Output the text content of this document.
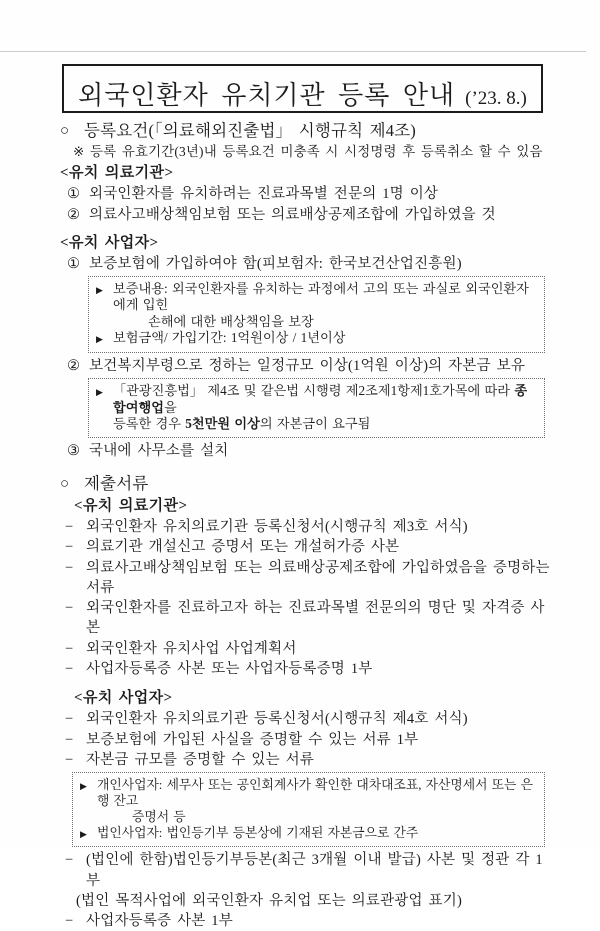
외국인환자 유치기관 등록 안내 (’23. 8.)
○ 등록요건(「의료해외진출법」 시행규칙 제4조)
※ 등록 유효기간(3년)내 등록요건 미충족 시 시정명령 후 등록취소 할 수 있음
<유치 의료기관>
① 외국인환자를 유치하려는 진료과목별 전문의 1명 이상
② 의료사고배상책임보험 또는 의료배상공제조합에 가입하였을 것
<유치 사업자>
① 보증보험에 가입하여야 함(피보험자: 한국보건산업진흥원)
▶ 보증내용: 외국인환자를 유치하는 과정에서 고의 또는 과실로 외국인환자에게 입힌
손해에 대한 배상책임을 보장
▶ 보험금액/ 가입기간: 1억원이상 / 1년이상
② 보건복지부령으로 정하는 일정규모 이상(1억원 이상)의 자본금 보유
▶ 「관광진흥법」 제4조 및 같은법 시행령 제2조제1항제1호가목에 따라 종합여행업을
등록한 경우 5천만원 이상의 자본금이 요구됨
③ 국내에 사무소를 설치
○ 제출서류
<유치 의료기관>
− 외국인환자 유치의료기관 등록신청서(시행규칙 제3호 서식)
− 의료기관 개설신고 증명서 또는 개설허가증 사본
− 의료사고배상책임보험 또는 의료배상공제조합에 가입하였음을 증명하는 서류
− 외국인환자를 진료하고자 하는 진료과목별 전문의의 명단 및 자격증 사본
− 외국인환자 유치사업 사업계획서
− 사업자등록증 사본 또는 사업자등록증명 1부
<유치 사업자>
− 외국인환자 유치의료기관 등록신청서(시행규칙 제4호 서식)
− 보증보험에 가입된 사실을 증명할 수 있는 서류 1부
− 자본금 규모를 증명할 수 있는 서류
▶ 개인사업자: 세무사 또는 공인회계사가 확인한 대차대조표, 자산명세서 또는 은행 잔고
증명서 등
▶ 법인사업자: 법인등기부 등본상에 기재된 자본금으로 간주
− (법인에 한함)법인등기부등본(최근 3개월 이내 발급) 사본 및 정관 각 1부
(법인 목적사업에 외국인환자 유치업 또는 의료관광업 표기)
− 사업자등록증 사본 1부
